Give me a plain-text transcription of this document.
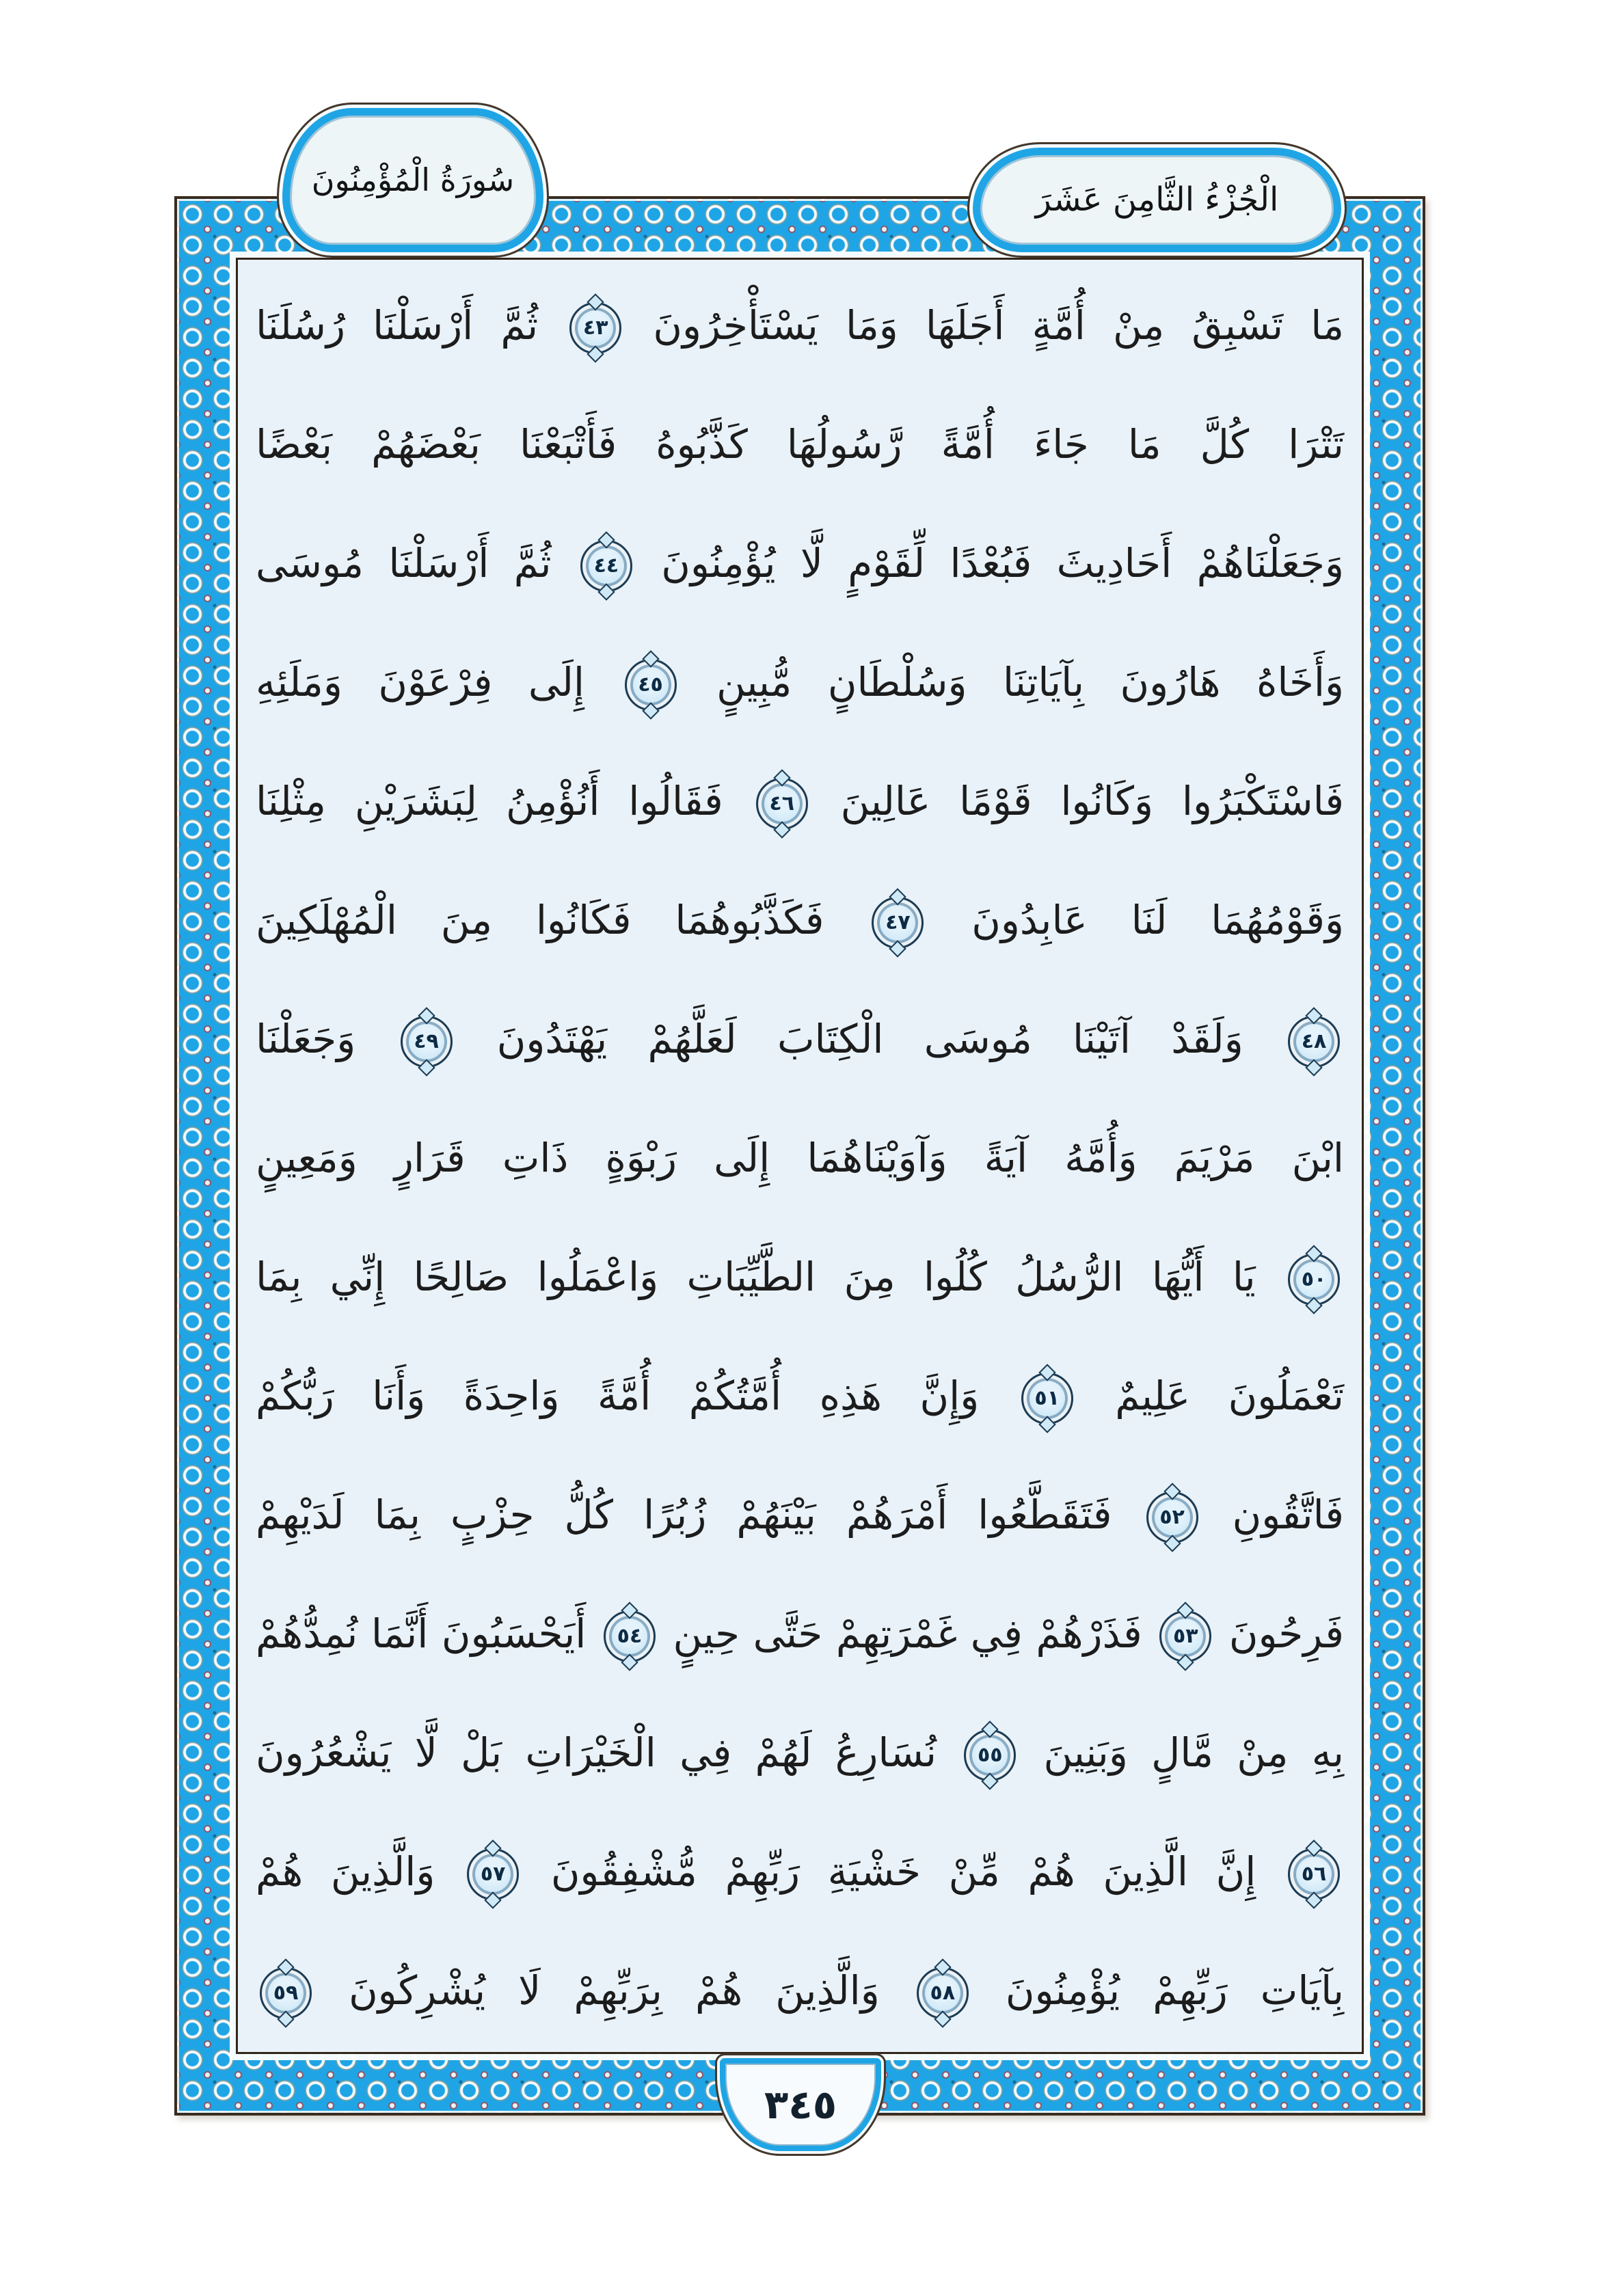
مَا تَسْبِقُ مِنْ أُمَّةٍ أَجَلَهَا وَمَا يَسْتَأْخِرُونَ
٤٣
ثُمَّ أَرْسَلْنَا رُسُلَنَا
تَتْرَا كُلَّ مَا جَاءَ أُمَّةً رَّسُولُهَا كَذَّبُوهُ فَأَتْبَعْنَا بَعْضَهُمْ بَعْضًا
وَجَعَلْنَاهُمْ أَحَادِيثَ فَبُعْدًا لِّقَوْمٍ لَّا يُؤْمِنُونَ
٤٤
ثُمَّ أَرْسَلْنَا مُوسَى
وَأَخَاهُ هَارُونَ بِآيَاتِنَا وَسُلْطَانٍ مُّبِينٍ
٤٥
إِلَى فِرْعَوْنَ وَمَلَئِهِ
فَاسْتَكْبَرُوا وَكَانُوا قَوْمًا عَالِينَ
٤٦
فَقَالُوا أَنُؤْمِنُ لِبَشَرَيْنِ مِثْلِنَا
وَقَوْمُهُمَا لَنَا عَابِدُونَ
٤٧
فَكَذَّبُوهُمَا فَكَانُوا مِنَ الْمُهْلَكِينَ
٤٨
وَلَقَدْ آتَيْنَا مُوسَى الْكِتَابَ لَعَلَّهُمْ يَهْتَدُونَ
٤٩
وَجَعَلْنَا
ابْنَ مَرْيَمَ وَأُمَّهُ آيَةً وَآوَيْنَاهُمَا إِلَى رَبْوَةٍ ذَاتِ قَرَارٍ وَمَعِينٍ
٥٠
يَا أَيُّهَا الرُّسُلُ كُلُوا مِنَ الطَّيِّبَاتِ وَاعْمَلُوا صَالِحًا إِنِّي بِمَا
تَعْمَلُونَ عَلِيمٌ
٥١
وَإِنَّ هَذِهِ أُمَّتُكُمْ أُمَّةً وَاحِدَةً وَأَنَا رَبُّكُمْ
فَاتَّقُونِ
٥٢
فَتَقَطَّعُوا أَمْرَهُمْ بَيْنَهُمْ زُبُرًا كُلُّ حِزْبٍ بِمَا لَدَيْهِمْ
فَرِحُونَ
٥٣
فَذَرْهُمْ فِي غَمْرَتِهِمْ حَتَّى حِينٍ
٥٤
أَيَحْسَبُونَ أَنَّمَا نُمِدُّهُمْ
بِهِ مِنْ مَّالٍ وَبَنِينَ
٥٥
نُسَارِعُ لَهُمْ فِي الْخَيْرَاتِ بَلْ لَّا يَشْعُرُونَ
٥٦
إِنَّ الَّذِينَ هُمْ مِّنْ خَشْيَةِ رَبِّهِمْ مُّشْفِقُونَ
٥٧
وَالَّذِينَ هُمْ
بِآيَاتِ رَبِّهِمْ يُؤْمِنُونَ
٥٨
وَالَّذِينَ هُمْ بِرَبِّهِمْ لَا يُشْرِكُونَ
٥٩
سُورَةُ الْمُؤْمِنُونَ
الْجُزْءُ الثَّامِنَ عَشَرَ
٣٤٥
